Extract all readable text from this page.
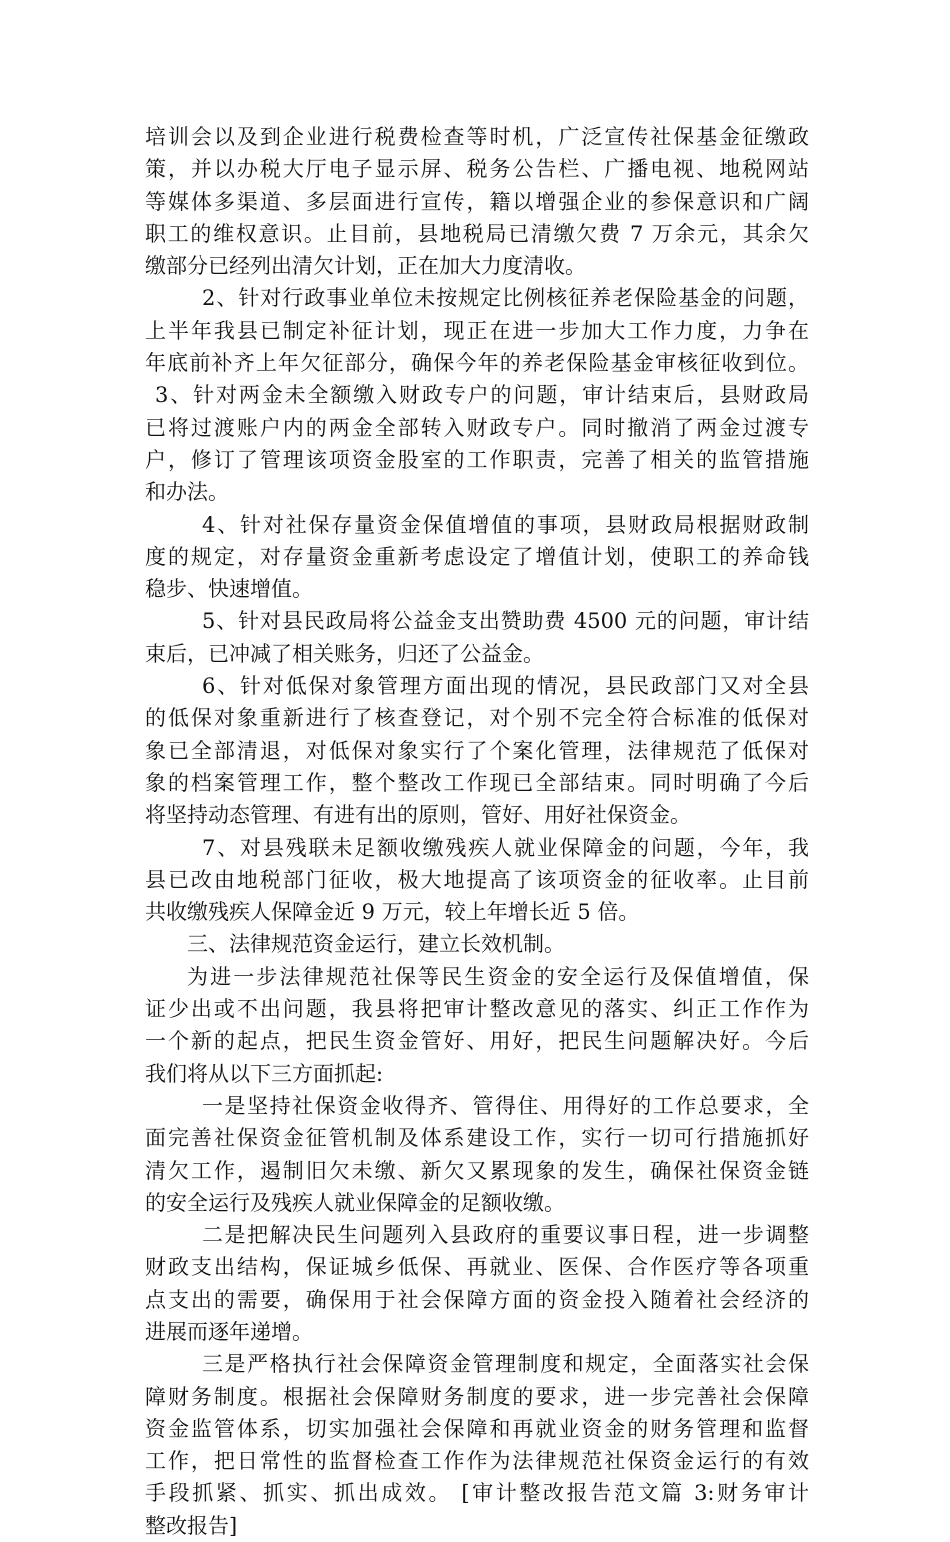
培训会以及到企业进行税费检查等时机，广泛宣传社保基金征缴政
策，并以办税大厅电子显示屏、税务公告栏、广播电视、地税网站
等媒体多渠道、多层面进行宣传，籍以增强企业的参保意识和广阔
职工的维权意识。止目前，县地税局已清缴欠费 7 万余元，其余欠
缴部分已经列出清欠计划，正在加大力度清收。
2、针对行政事业单位未按规定比例核征养老保险基金的问题，
上半年我县已制定补征计划，现正在进一步加大工作力度，力争在
年底前补齐上年欠征部分，确保今年的养老保险基金审核征收到位。
3、针对两金未全额缴入财政专户的问题，审计结束后，县财政局
已将过渡账户内的两金全部转入财政专户。同时撤消了两金过渡专
户，修订了管理该项资金股室的工作职责，完善了相关的监管措施
和办法。
4、针对社保存量资金保值增值的事项，县财政局根据财政制
度的规定，对存量资金重新考虑设定了增值计划，使职工的养命钱
稳步、快速增值。
5、针对县民政局将公益金支出赞助费 4500 元的问题，审计结
束后，已冲减了相关账务，归还了公益金。
6、针对低保对象管理方面出现的情况，县民政部门又对全县
的低保对象重新进行了核查登记，对个别不完全符合标准的低保对
象已全部清退，对低保对象实行了个案化管理，法律规范了低保对
象的档案管理工作，整个整改工作现已全部结束。同时明确了今后
将坚持动态管理、有进有出的原则，管好、用好社保资金。
7、对县残联未足额收缴残疾人就业保障金的问题，今年，我
县已改由地税部门征收，极大地提高了该项资金的征收率。止目前
共收缴残疾人保障金近 9 万元，较上年增长近 5 倍。
三、法律规范资金运行，建立长效机制。
为进一步法律规范社保等民生资金的安全运行及保值增值，保
证少出或不出问题，我县将把审计整改意见的落实、纠正工作作为
一个新的起点，把民生资金管好、用好，把民生问题解决好。今后
我们将从以下三方面抓起:
一是坚持社保资金收得齐、管得住、用得好的工作总要求，全
面完善社保资金征管机制及体系建设工作，实行一切可行措施抓好
清欠工作，遏制旧欠未缴、新欠又累现象的发生，确保社保资金链
的安全运行及残疾人就业保障金的足额收缴。
二是把解决民生问题列入县政府的重要议事日程，进一步调整
财政支出结构，保证城乡低保、再就业、医保、合作医疗等各项重
点支出的需要，确保用于社会保障方面的资金投入随着社会经济的
进展而逐年递增。
三是严格执行社会保障资金管理制度和规定，全面落实社会保
障财务制度。根据社会保障财务制度的要求，进一步完善社会保障
资金监管体系，切实加强社会保障和再就业资金的财务管理和监督
工作，把日常性的监督检查工作作为法律规范社保资金运行的有效
手段抓紧、抓实、抓出成效。 [审计整改报告范文篇 3:财务审计
整改报告]
